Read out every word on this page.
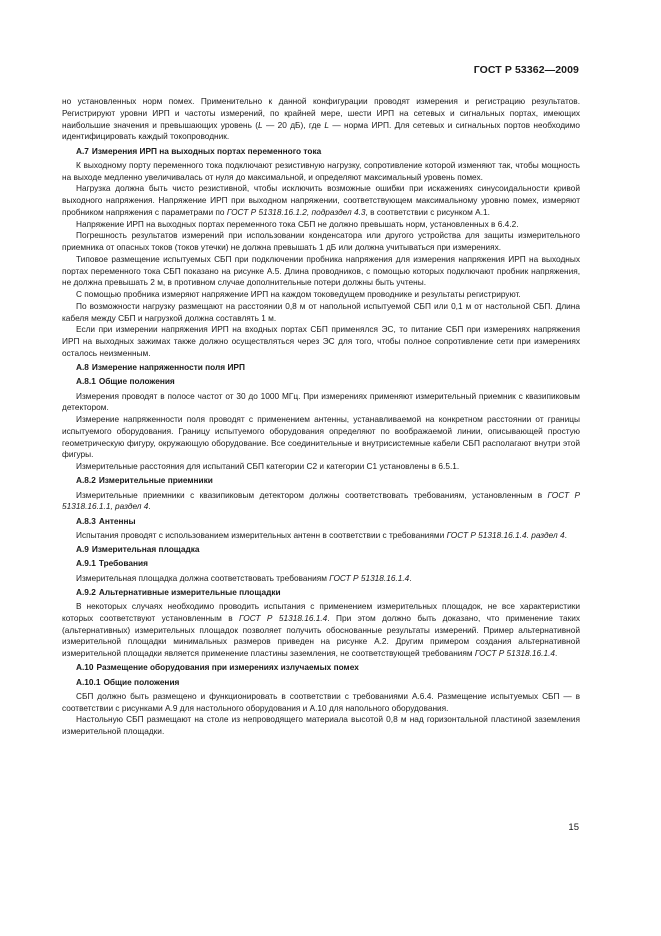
ГОСТ Р 53362—2009

но установленных норм помех. Применительно к данной конфигурации проводят измерения и регистрацию результатов. Регистрируют уровни ИРП и частоты измерений, по крайней мере, шести ИРП на сетевых и сигнальных портах, имеющих наибольшие значения и превышающих уровень (L — 20 дБ), где L — норма ИРП. Для сетевых и сигнальных портов необходимо идентифицировать каждый токопроводник.

А.7 Измерения ИРП на выходных портах переменного тока

К выходному порту переменного тока подключают резистивную нагрузку, сопротивление которой изменяют так, чтобы мощность на выходе медленно увеличивалась от нуля до максимальной, и определяют максимальный уровень помех.

Нагрузка должна быть чисто резистивной, чтобы исключить возможные ошибки при искажениях синусоидальности кривой выходного напряжения. Напряжение ИРП при выходном напряжении, соответствующем максимальному уровню помех, измеряют пробником напряжения с параметрами по ГОСТ Р 51318.16.1.2, подраздел 4.3, в соответствии с рисунком А.1.

Напряжение ИРП на выходных портах переменного тока СБП не должно превышать норм, установленных в 6.4.2.

Погрешность результатов измерений при использовании конденсатора или другого устройства для защиты измерительного приемника от опасных токов (токов утечки) не должна превышать 1 дБ или должна учитываться при измерениях.

Типовое размещение испытуемых СБП при подключении пробника напряжения для измерения напряжения ИРП на выходных портах переменного тока СБП показано на рисунке А.5. Длина проводников, с помощью которых подключают пробник напряжения, не должна превышать 2 м, в противном случае дополнительные потери должны быть учтены.

С помощью пробника измеряют напряжение ИРП на каждом токоведущем проводнике и результаты регистрируют.

По возможности нагрузку размещают на расстоянии 0,8 м от напольной испытуемой СБП или 0,1 м от настольной СБП. Длина кабеля между СБП и нагрузкой должна составлять 1 м.

Если при измерении напряжения ИРП на входных портах СБП применялся ЭС, то питание СБП при измерениях напряжения ИРП на выходных зажимах также должно осуществляться через ЭС для того, чтобы полное сопротивление сети при измерениях осталось неизменным.

А.8 Измерение напряженности поля ИРП
А.8.1 Общие положения

Измерения проводят в полосе частот от 30 до 1000 МГц. При измерениях применяют измерительный приемник с квазипиковым детектором.

Измерение напряженности поля проводят с применением антенны, устанавливаемой на конкретном расстоянии от границы испытуемого оборудования. Границу испытуемого оборудования определяют по воображаемой линии, описывающей простую геометрическую фигуру, окружающую оборудование. Все соединительные и внутрисистемные кабели СБП располагают внутри этой фигуры.

Измерительные расстояния для испытаний СБП категории С2 и категории С1 установлены в 6.5.1.

А.8.2 Измерительные приемники

Измерительные приемники с квазипиковым детектором должны соответствовать требованиям, установленным в ГОСТ Р 51318.16.1.1, раздел 4.

А.8.3 Антенны

Испытания проводят с использованием измерительных антенн в соответствии с требованиями ГОСТ Р 51318.16.1.4. раздел 4.

А.9 Измерительная площадка
А.9.1 Требования

Измерительная площадка должна соответствовать требованиям ГОСТ Р 51318.16.1.4.

А.9.2 Альтернативные измерительные площадки

В некоторых случаях необходимо проводить испытания с применением измерительных площадок, не все характеристики которых соответствуют установленным в ГОСТ Р 51318.16.1.4. При этом должно быть доказано, что применение таких (альтернативных) измерительных площадок позволяет получить обоснованные результаты измерений. Пример альтернативной измерительной площадки минимальных размеров приведен на рисунке А.2. Другим примером создания альтернативной измерительной площадки является применение пластины заземления, не соответствующей требованиям ГОСТ Р 51318.16.1.4.

А.10 Размещение оборудования при измерениях излучаемых помех
А.10.1 Общие положения

СБП должно быть размещено и функционировать в соответствии с требованиями А.6.4. Размещение испытуемых СБП — в соответствии с рисунками А.9 для настольного оборудования и А.10 для напольного оборудования.

Настольную СБП размещают на столе из непроводящего материала высотой 0,8 м над горизонтальной пластиной заземления измерительной площадки.

15
